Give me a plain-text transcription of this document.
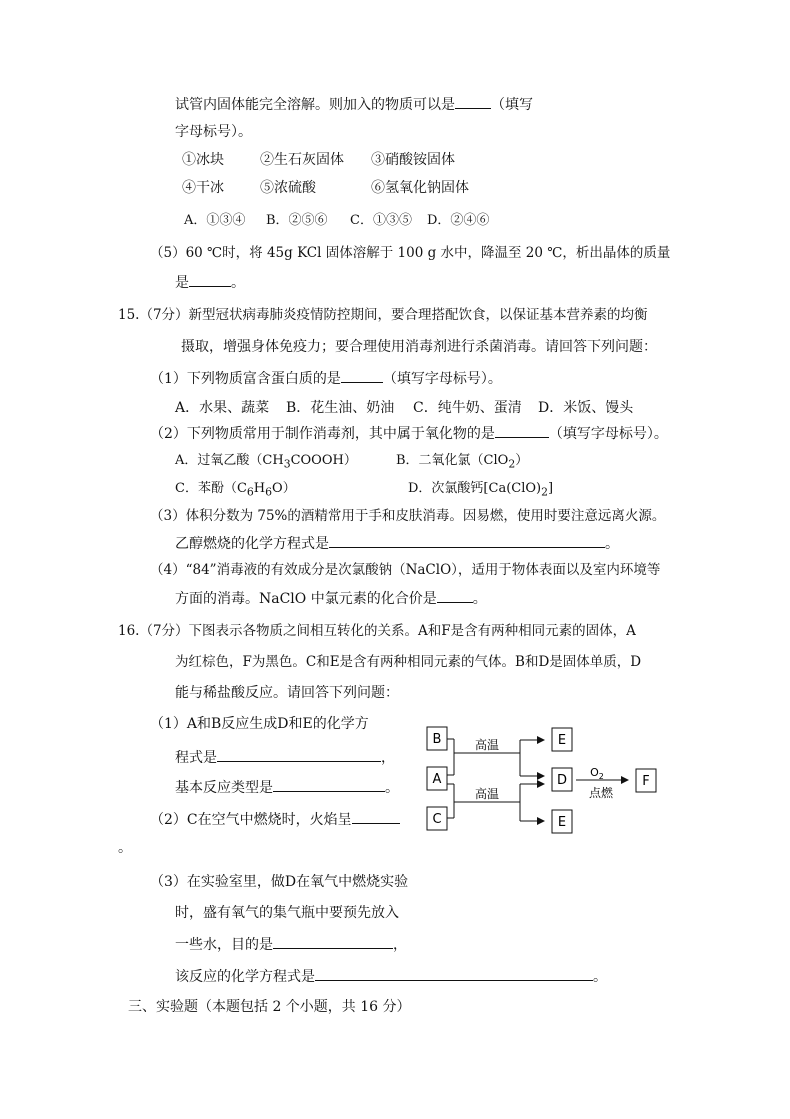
试管内固体能完全溶解。则加入的物质可以是	（填写
字母标号）。
①冰块	②生石灰固体 ③硝酸铵固体
④干冰	⑤浓硫酸	⑥氢氧化钠固体
A．①③④ B．②⑤⑥ C．①③⑤ D．②④⑥
（5）60 ℃时，将 45g KCl 固体溶解于 100 g 水中，降温至 20 ℃，析出晶体的质量
是	。
15.（7分）新型冠状病毒肺炎疫情防控期间，要合理搭配饮食，以保证基本营养素的均衡
摄取，增强身体免疫力；要合理使用消毒剂进行杀菌消毒。请回答下列问题：
（1）下列物质富含蛋白质的是	（填写字母标号）。
A．水果、蔬菜 B．花生油、奶油 C．纯牛奶、蛋清 D．米饭、馒头
（2）下列物质常用于制作消毒剂，其中属于氧化物的是	（填写字母标号）。
A．过氧乙酸$(CH_3COOOH)$	B．二氧化氯（ClO$_2$）
C．苯酚$(C_6H_6O)$	D．次氯酸钙$[Ca(ClO)_2]$
（3）体积分数为 75%的酒精常用于手和皮肤消毒。因易燃，使用时要注意远离火源。
乙醇燃烧的化学方程式是	。
（4）“84”消毒液的有效成分是次氯酸钠（NaClO），适用于物体表面以及室内环境等
方面的消毒。NaClO 中氯元素的化合价是	。
16.（7分）下图表示各物质之间相互转化的关系。A和F是含有两种相同元素的固体，A
为红棕色，F为黑色。C和E是含有两种相同元素的气体。B和D是固体单质，D
能与稀盐酸反应。请回答下列问题：
（1）A和B反应生成D和E的化学方
程式是	，
基本反应类型是	。
（2）C在空气中燃烧时，火焰呈
。
（3）在实验室里，做D在氧气中燃烧实验
时，盛有氧气的集气瓶中要预先放入
一些水，目的是	，
该反应的化学方程式是	。
三、实验题（本题包括 2 个小题，共 16 分）
B
A
C
高温
高温
E
D
E
$O_2$
点燃
F
